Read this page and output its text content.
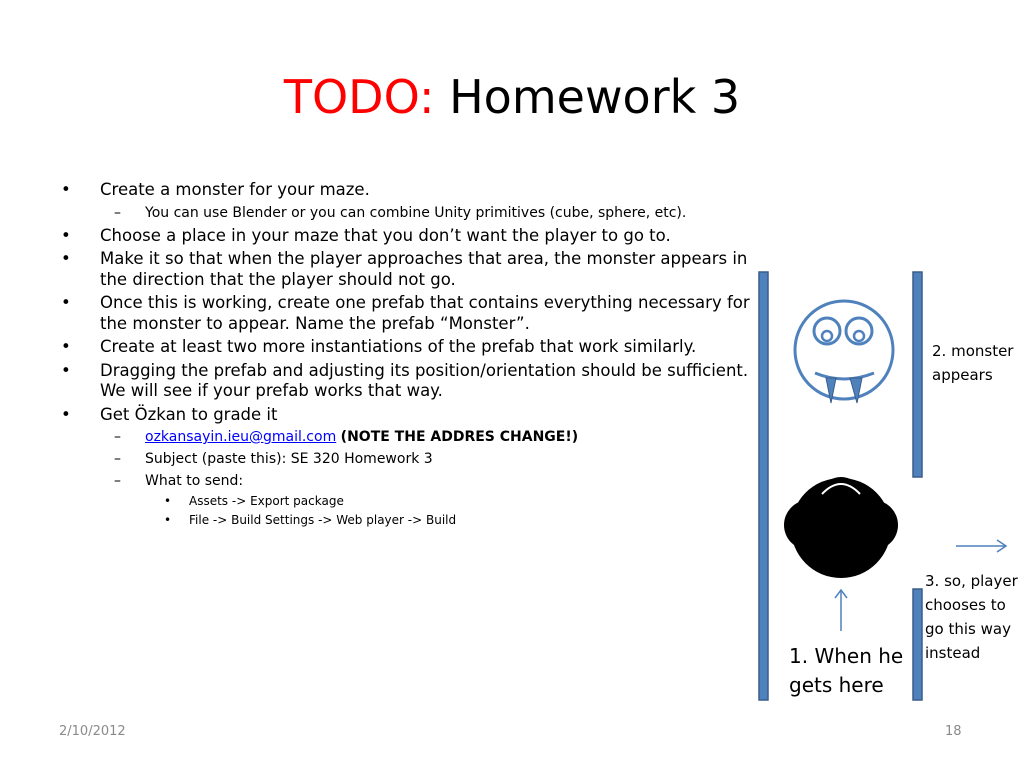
TODO: Homework 3
• Create a monster for your maze.
– You can use Blender or you can combine Unity primitives (cube, sphere, etc).
• Choose a place in your maze that you don’t want the player to go to.
• Make it so that when the player approaches that area, the monster appears in the direction that the player should not go.
• Once this is working, create one prefab that contains everything necessary for the monster to appear. Name the prefab “Monster”.
• Create at least two more instantiations of the prefab that work similarly.
• Dragging the prefab and adjusting its position/orientation should be sufficient. We will see if your prefab works that way.
• Get Özkan to grade it
– ozkansayin.ieu@gmail.com (NOTE THE ADDRES CHANGE!)
– Subject (paste this): SE 320 Homework 3
– What to send:
• Assets -> Export package
• File -> Build Settings -> Web player -> Build
2. monster appears
3. so, player chooses to go this way instead
1. When he gets here
2/10/2012	18
